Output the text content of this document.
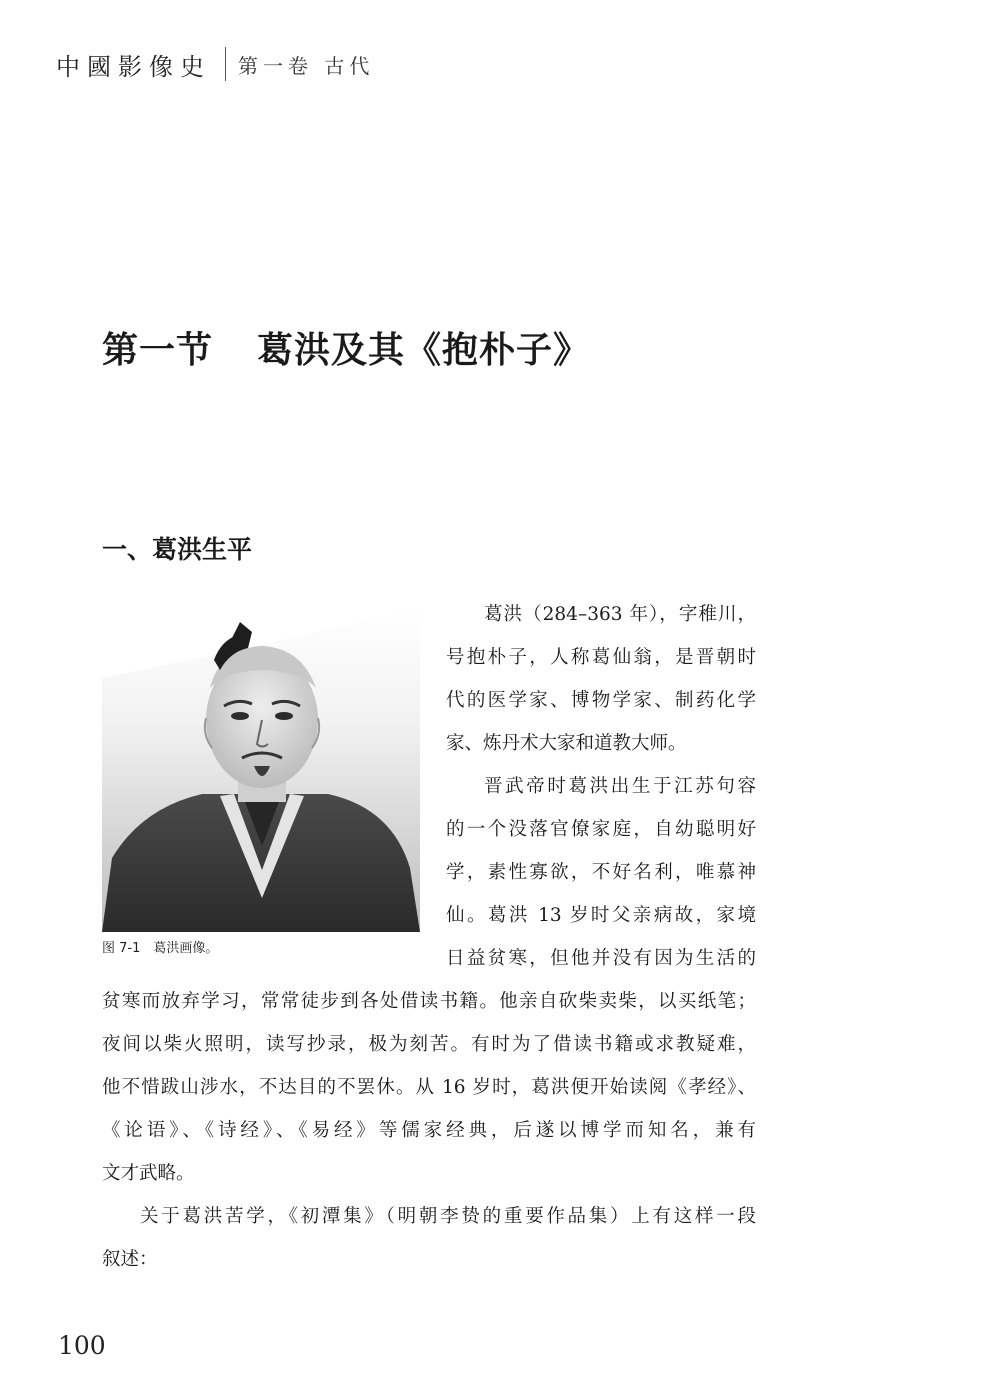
中國影像史 第一卷 古代
第一节 葛洪及其《抱朴子》
一、葛洪生平
图 7-1　葛洪画像。

葛洪（284–363 年），字稚川，

号抱朴子，人称葛仙翁，是晋朝时

代的医学家、博物学家、制药化学

家、炼丹术大家和道教大师。

晋武帝时葛洪出生于江苏句容

的一个没落官僚家庭，自幼聪明好

学，素性寡欲，不好名利，唯慕神

仙。葛洪 13 岁时父亲病故，家境

日益贫寒，但他并没有因为生活的

贫寒而放弃学习，常常徒步到各处借读书籍。他亲自砍柴卖柴，以买纸笔；

夜间以柴火照明，读写抄录，极为刻苦。有时为了借读书籍或求教疑难，

他不惜跋山涉水，不达目的不罢休。从 16 岁时，葛洪便开始读阅《孝经》、

《论语》、《诗经》、《易经》等儒家经典，后遂以博学而知名，兼有

文才武略。

关于葛洪苦学，《初潭集》（明朝李贽的重要作品集）上有这样一段

叙述：

100
